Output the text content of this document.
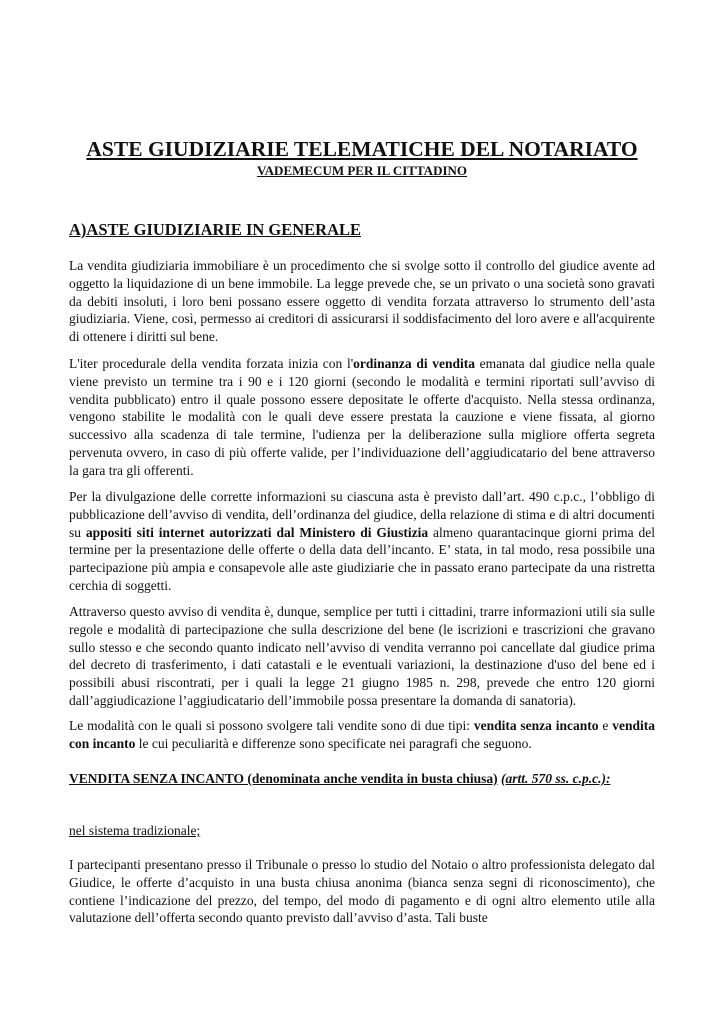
ASTE GIUDIZIARIE TELEMATICHE DEL NOTARIATO
VADEMECUM PER IL CITTADINO
A)ASTE GIUDIZIARIE IN GENERALE

La vendita giudiziaria immobiliare è un procedimento che si svolge sotto il controllo del giudice avente ad oggetto la liquidazione di un bene immobile. La legge prevede che, se un privato o una società sono gravati da debiti insoluti, i loro beni possano essere oggetto di vendita forzata attraverso lo strumento dell’asta giudiziaria. Viene, così, permesso ai creditori di assicurarsi il soddisfacimento del loro avere e all'acquirente di ottenere i diritti sul bene.

L'iter procedurale della vendita forzata inizia con l'ordinanza di vendita emanata dal giudice nella quale viene previsto un termine tra i 90 e i 120 giorni (secondo le modalità e termini riportati sull’avviso di vendita pubblicato) entro il quale possono essere depositate le offerte d'acquisto. Nella stessa ordinanza, vengono stabilite le modalità con le quali deve essere prestata la cauzione e viene fissata, al giorno successivo alla scadenza di tale termine, l'udienza per la deliberazione sulla migliore offerta segreta pervenuta ovvero, in caso di più offerte valide, per l’individuazione dell’aggiudicatario del bene attraverso la gara tra gli offerenti.

Per la divulgazione delle corrette informazioni su ciascuna asta è previsto dall’art. 490 c.p.c., l’obbligo di pubblicazione dell’avviso di vendita, dell’ordinanza del giudice, della relazione di stima e di altri documenti su appositi siti internet autorizzati dal Ministero di Giustizia almeno quarantacinque giorni prima del termine per la presentazione delle offerte o della data dell’incanto. E’ stata, in tal modo, resa possibile una partecipazione più ampia e consapevole alle aste giudiziarie che in passato erano partecipate da una ristretta cerchia di soggetti.

Attraverso questo avviso di vendita è, dunque, semplice per tutti i cittadini, trarre informazioni utili sia sulle regole e modalità di partecipazione che sulla descrizione del bene (le iscrizioni e trascrizioni che gravano sullo stesso e che secondo quanto indicato nell’avviso di vendita verranno poi cancellate dal giudice prima del decreto di trasferimento, i dati catastali e le eventuali variazioni, la destinazione d'uso del bene ed i possibili abusi riscontrati, per i quali la legge 21 giugno 1985 n. 298, prevede che entro 120 giorni dall’aggiudicazione l’aggiudicatario dell’immobile possa presentare la domanda di sanatoria).

Le modalità con le quali si possono svolgere tali vendite sono di due tipi: vendita senza incanto e vendita con incanto le cui peculiarità e differenze sono specificate nei paragrafi che seguono.

VENDITA SENZA INCANTO (denominata anche vendita in busta chiusa) (artt. 570 ss. c.p.c.):

nel sistema tradizionale;

I partecipanti presentano presso il Tribunale o presso lo studio del Notaio o altro professionista delegato dal Giudice, le offerte d’acquisto in una busta chiusa anonima (bianca senza segni di riconoscimento), che contiene l’indicazione del prezzo, del tempo, del modo di pagamento e di ogni altro elemento utile alla valutazione dell’offerta secondo quanto previsto dall’avviso d’asta. Tali buste
